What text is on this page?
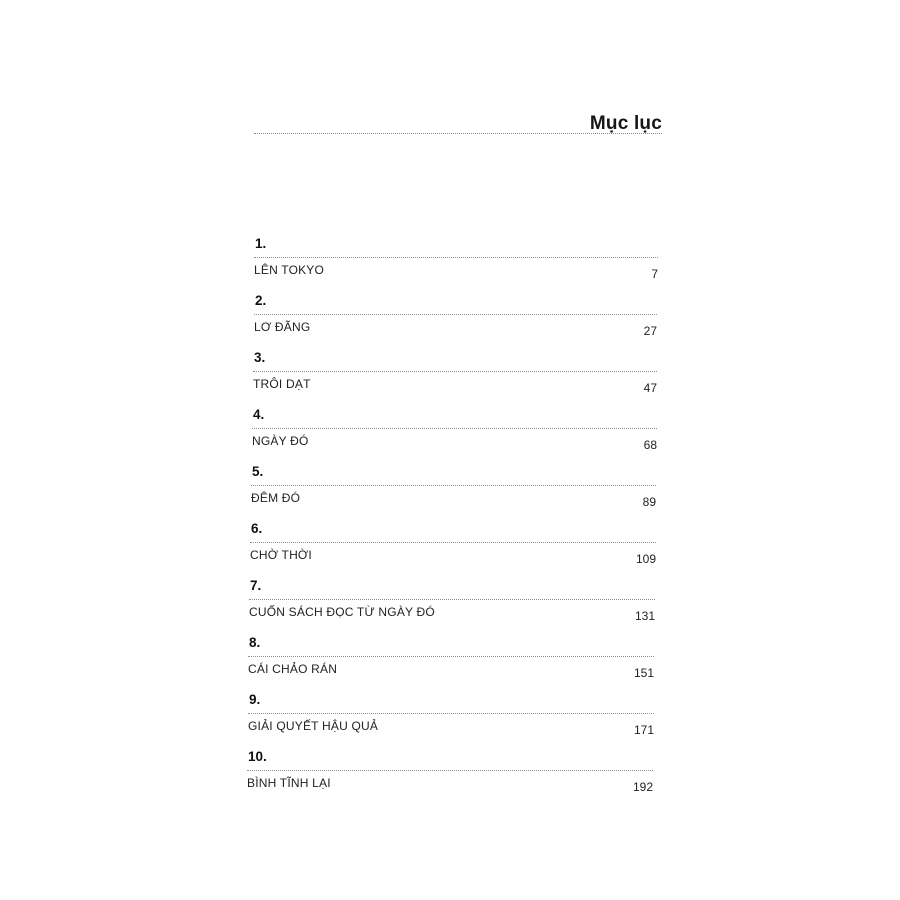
Mục lục
1.
LÊN TOKYO	7
2.
LƠ ĐÃNG	27
3.
TRÔI DẠT	47
4.
NGÀY ĐÓ	68
5.
ĐÊM ĐÓ	89
6.
CHỜ THỜI	109
7.
CUỐN SÁCH ĐỌC TỪ NGÀY ĐÓ	131
8.
CÁI CHẢO RÁN	151
9.
GIẢI QUYẾT HẬU QUẢ	171
10.
BÌNH TĨNH LẠI	192
